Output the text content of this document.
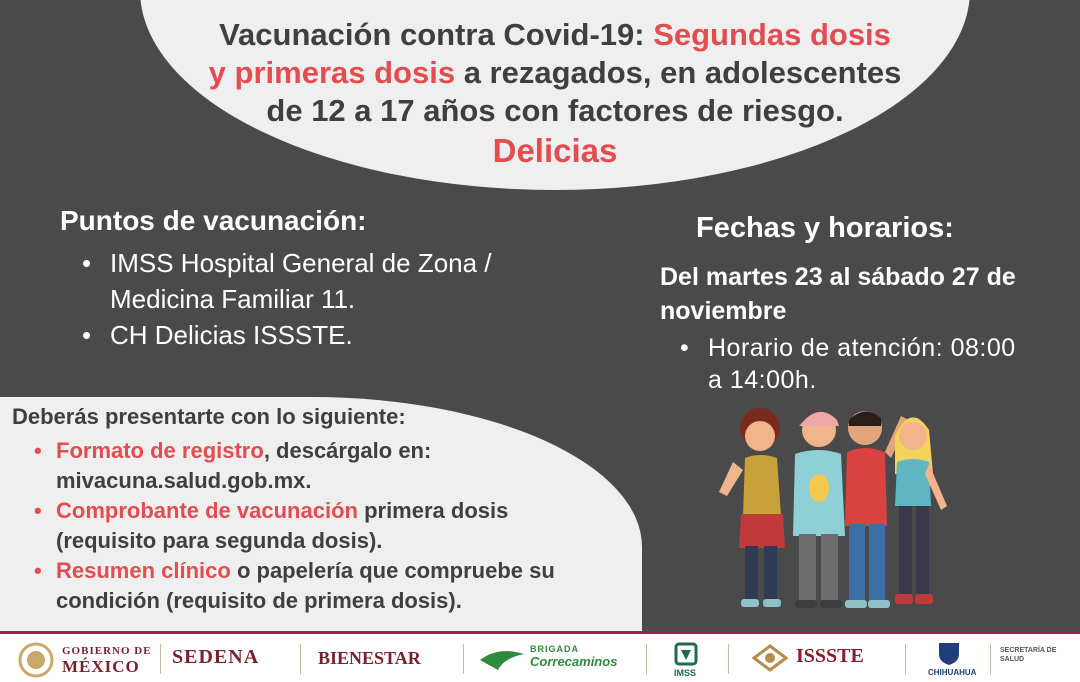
Vacunación contra Covid-19: Segundas dosis
y primeras dosis a rezagados, en adolescentes
de 12 a 17 años con factores de riesgo.
Delicias
Puntos de vacunación:
• IMSS Hospital General de Zona / Medicina Familiar 11.
• CH Delicias ISSSTE.
Fechas y horarios:
Del martes 23 al sábado 27 de noviembre
• Horario de atención: 08:00 a 14:00h.
Deberás presentarte con lo siguiente:
• Formato de registro, descárgalo en: mivacuna.salud.gob.mx.
• Comprobante de vacunación primera dosis (requisito para segunda dosis).
• Resumen clínico o papelería que compruebe su condición (requisito de primera dosis).
GOBIERNO DE
MÉXICO	SEDENA	BIENESTAR	BRIGADA
Correcaminos
IMSS
ISSSTE
CHIHUAHUA
SECRETARÍA DE SALUD
